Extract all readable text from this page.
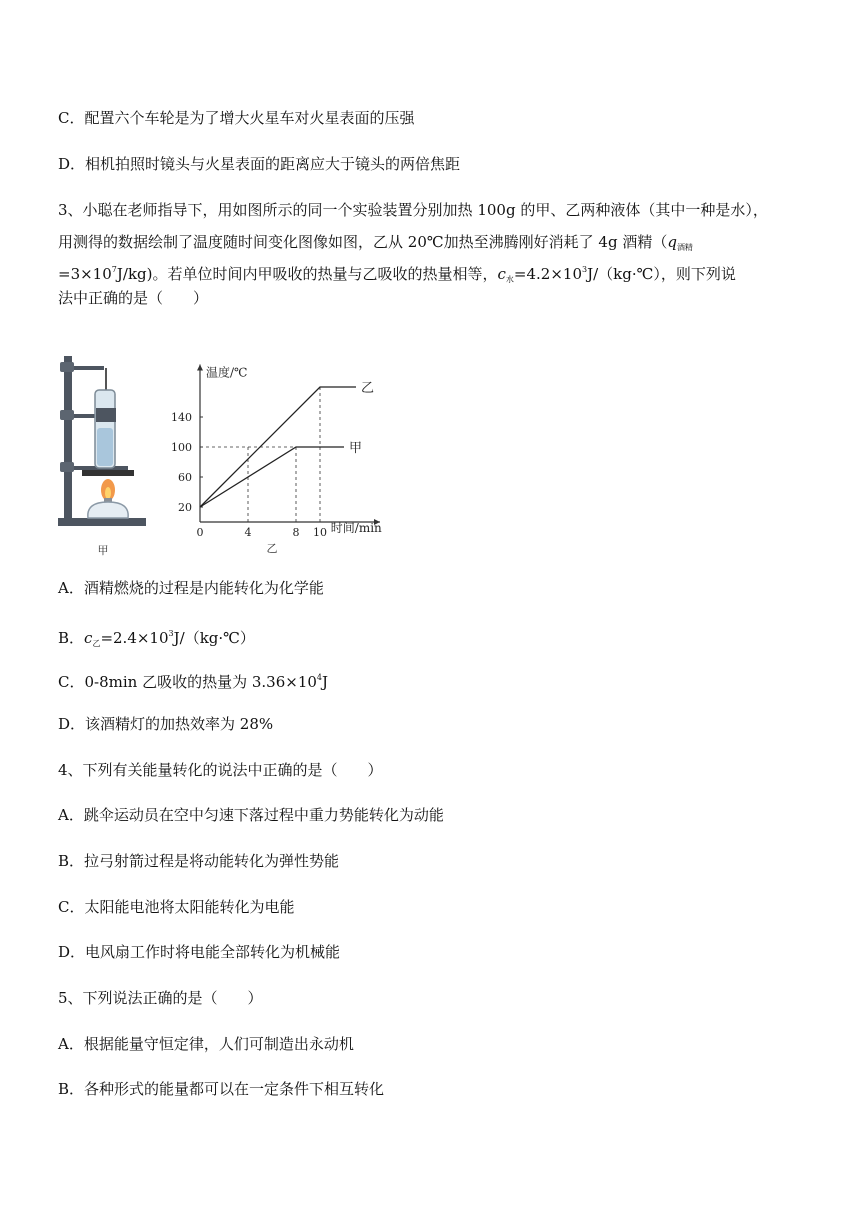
C．配置六个车轮是为了增大火星车对火星表面的压强
D．相机拍照时镜头与火星表面的距离应大于镜头的两倍焦距
3、小聪在老师指导下，用如图所示的同一个实验装置分别加热 100g 的甲、乙两种液体（其中一种是水），
用测得的数据绘制了温度随时间变化图像如图，乙从 20℃加热至沸腾刚好消耗了 4g 酒精（$q_{酒精}$
$=3\times 10^7J/kg$)。若单位时间内甲吸收的热量与乙吸收的热量相等，$c_水=4.2\times 10^3J/(kg\cdot℃)$，则下列说
法中正确的是（　　）
甲	乙
温度/℃
时间/min
0	4	8 10
20
60
100
140
乙
甲
A．酒精燃烧的过程是内能转化为化学能
B．$c_乙=2.4\times 10^3J/(kg\cdot℃)$
C．0-8min 乙吸收的热量为 $3.36\times 10^4J$
D．该酒精灯的加热效率为 28%
4、下列有关能量转化的说法中正确的是（　　）
A．跳伞运动员在空中匀速下落过程中重力势能转化为动能
B．拉弓射箭过程是将动能转化为弹性势能
C．太阳能电池将太阳能转化为电能
D．电风扇工作时将电能全部转化为机械能
5、下列说法正确的是（　　）
A．根据能量守恒定律，人们可制造出永动机
B．各种形式的能量都可以在一定条件下相互转化
